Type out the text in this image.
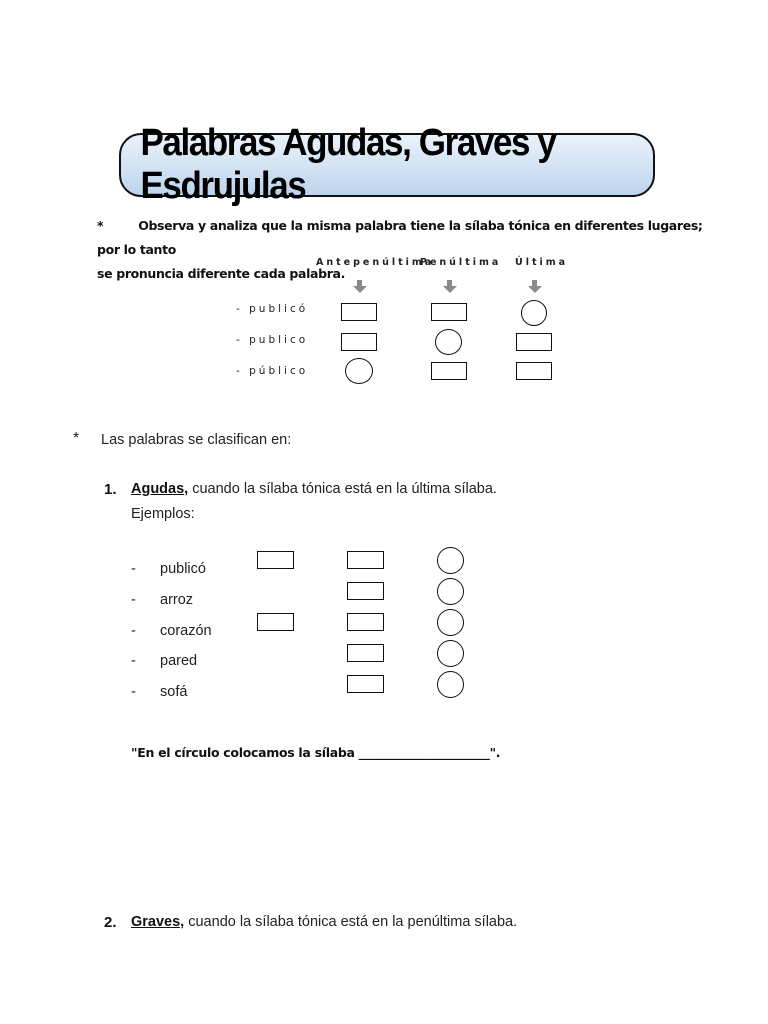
Palabras Agudas, Graves y Esdrujulas
*	Observa y analiza que la misma palabra tiene la sílaba tónica en diferentes lugares; por lo tanto
se pronuncia diferente cada palabra.
Antepenúltima
Penúltima Última
- publicó
- publico
- público
* Las palabras se clasifican en:
1. Agudas, cuando la sílaba tónica está en la última sílaba.
Ejemplos:
- publicó
- arroz
- corazón
- pared
- sofá
"En el círculo colocamos la sílaba ______________________".
2. Graves, cuando la sílaba tónica está en la penúltima sílaba.
